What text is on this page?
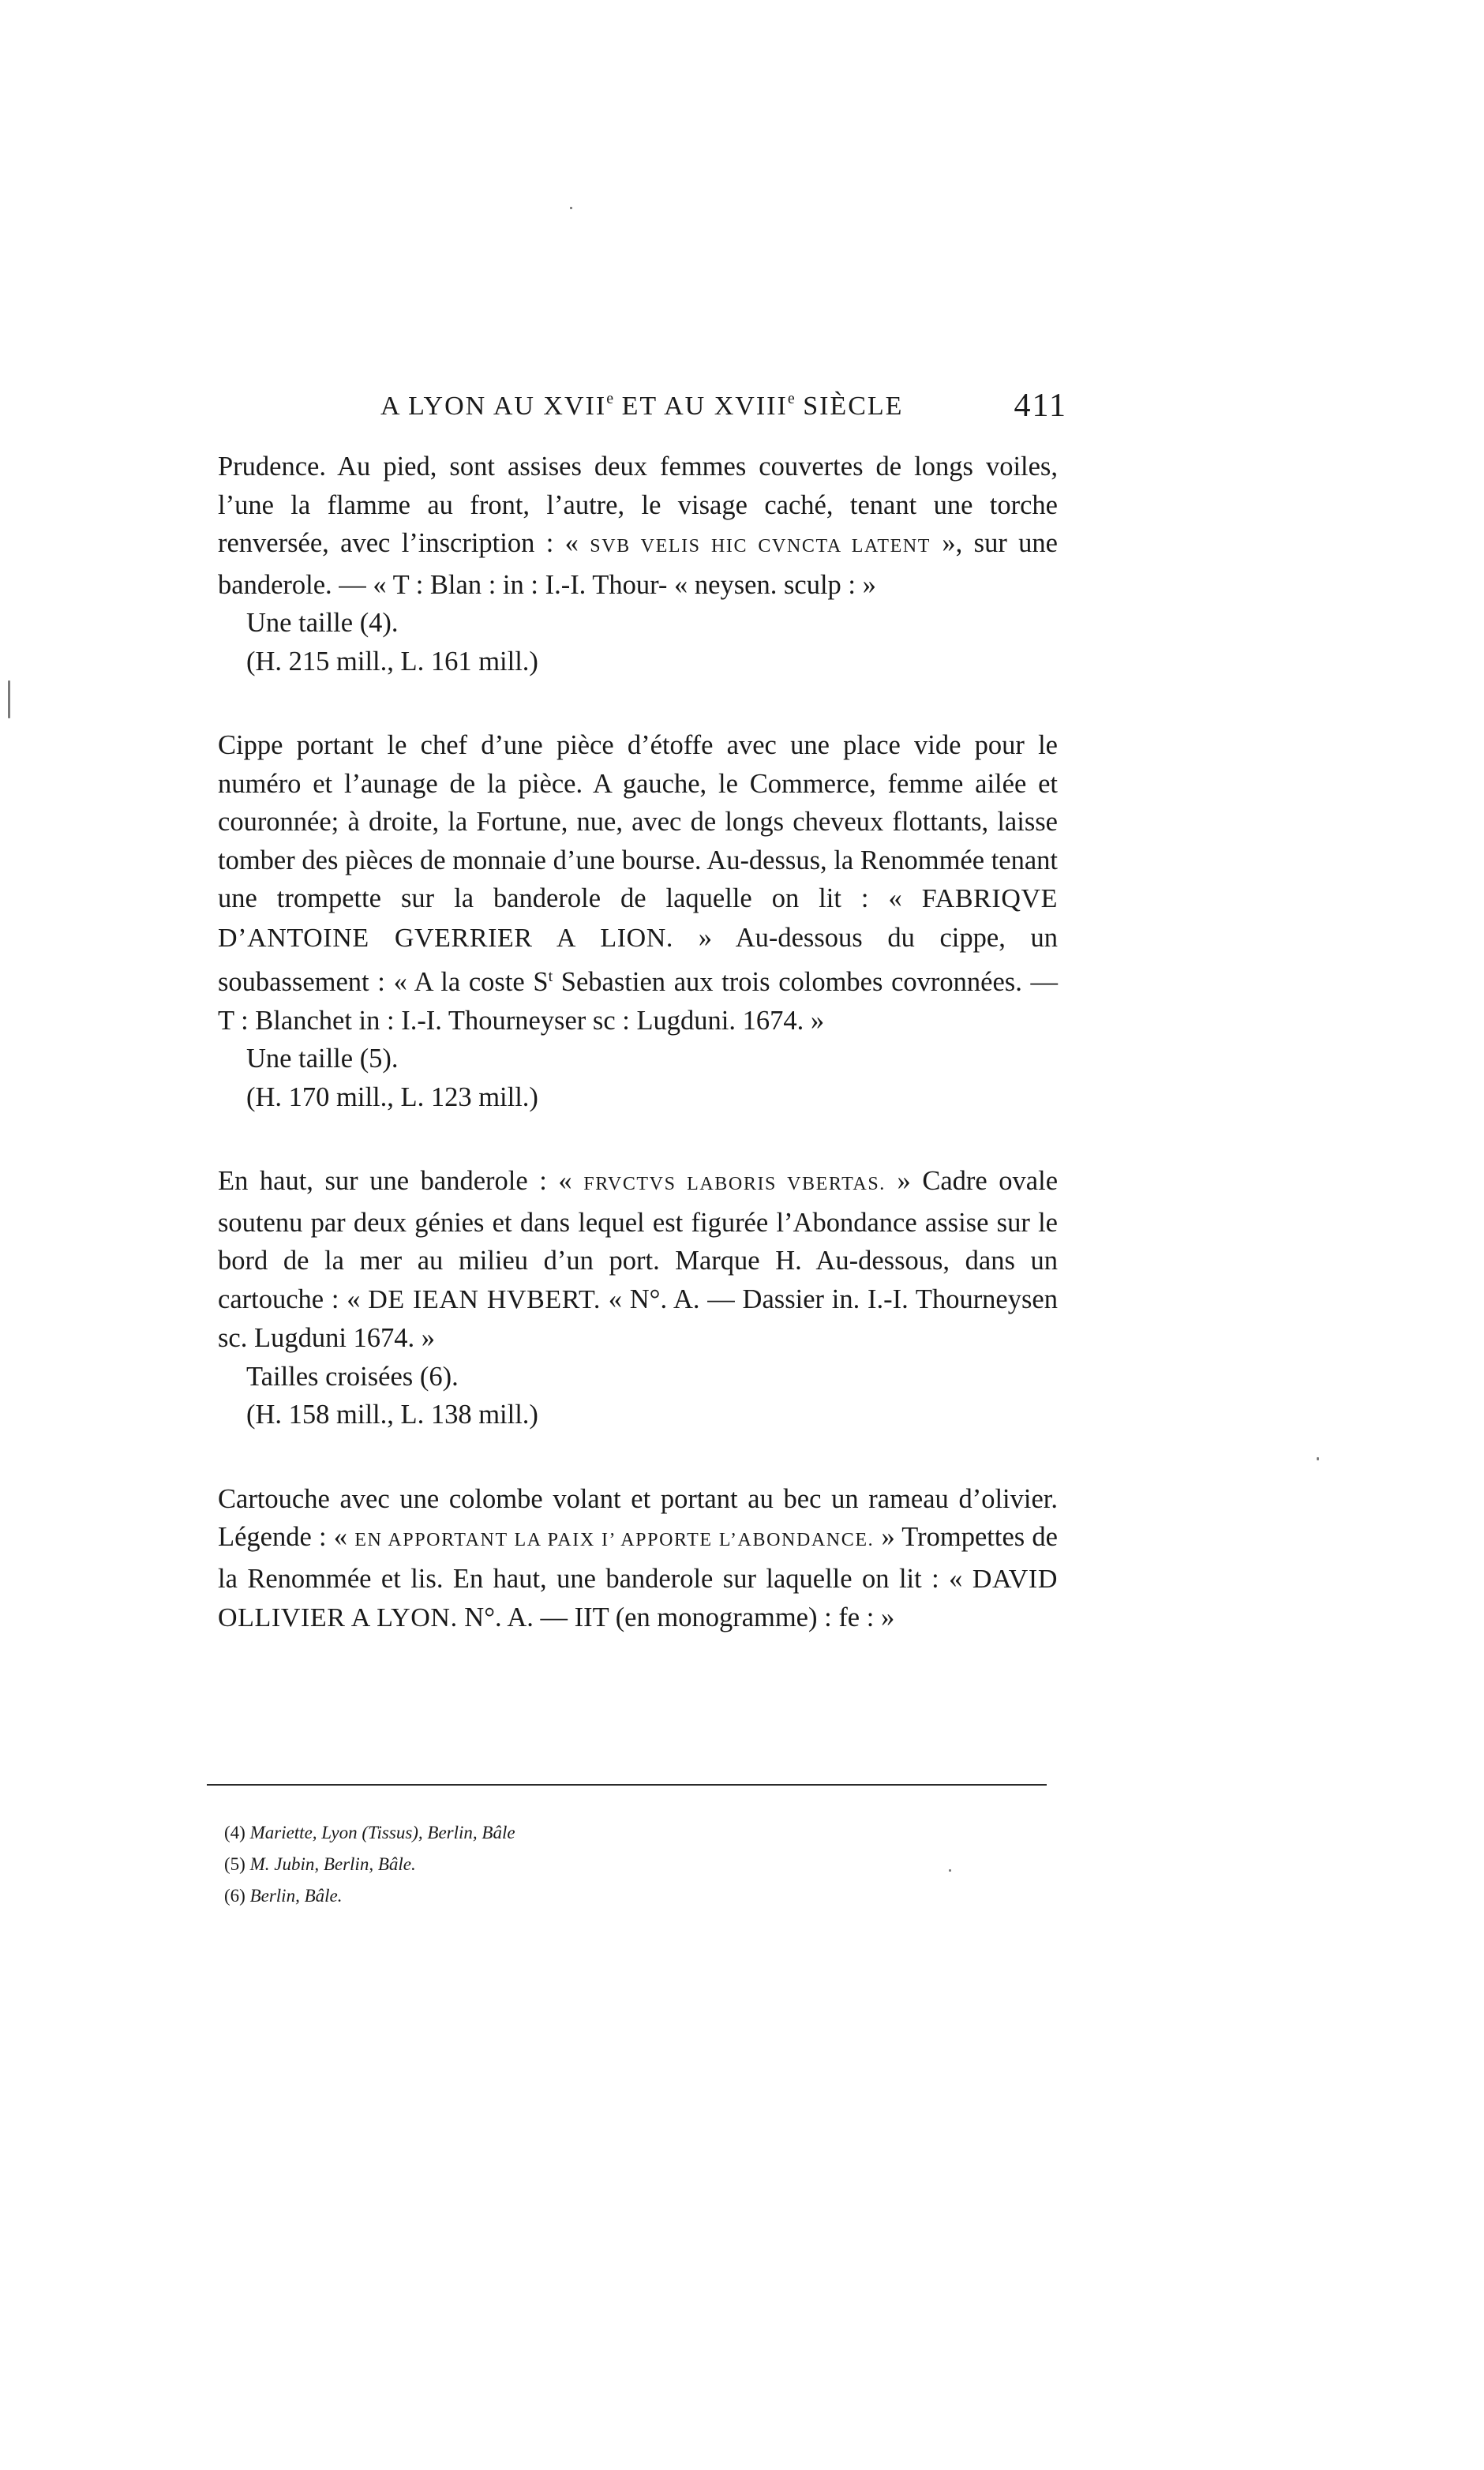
A LYON AU XVIIe ET AU XVIIIe SIÈCLE	411

Prudence. Au pied, sont assises deux femmes couvertes de longs voiles, l’une la flamme au front, l’autre, le visage caché, tenant une torche renversée, avec l’inscription : « SVB VELIS HIC CVNCTA LATENT », sur une banderole. — « T : Blan : in : I.-I. Thour- « neysen. sculp : »

Une taille (4).

(H. 215 mill., L. 161 mill.)

Cippe portant le chef d’une pièce d’étoffe avec une place vide pour le numéro et l’aunage de la pièce. A gauche, le Commerce, femme ailée et couronnée; à droite, la Fortune, nue, avec de longs cheveux flottants, laisse tomber des pièces de monnaie d’une bourse. Au-dessus, la Renommée tenant une trompette sur la banderole de laquelle on lit : « FABRIQVE D’ANTOINE GVERRIER A LION. » Au-dessous du cippe, un soubassement : « A la coste $S^t$ Sebastien aux trois colombes covronnées. — T : Blanchet in : I.-I. Thourneyser sc : Lugduni. 1674. »

Une taille (5).

(H. 170 mill., L. 123 mill.)

En haut, sur une banderole : « FRVCTVS LABORIS VBERTAS. » Cadre ovale soutenu par deux génies et dans lequel est figurée l’Abondance assise sur le bord de la mer au milieu d’un port. Marque H. Au-dessous, dans un cartouche : « DE IEAN HVBERT. « N°. A. — Dassier in. I.-I. Thourneysen sc. Lugduni 1674. »

Tailles croisées (6).

(H. 158 mill., L. 138 mill.)

Cartouche avec une colombe volant et portant au bec un rameau d’olivier. Légende : « EN APPORTANT LA PAIX I’ APPORTE L’ABONDANCE. » Trompettes de la Renommée et lis. En haut, une banderole sur laquelle on lit : « DAVID OLLIVIER A LYON. N°. A. — IIT (en monogramme) : fe : »

(4) Mariette, Lyon (Tissus), Berlin, Bâle
(5) M. Jubin, Berlin, Bâle.
(6) Berlin, Bâle.
